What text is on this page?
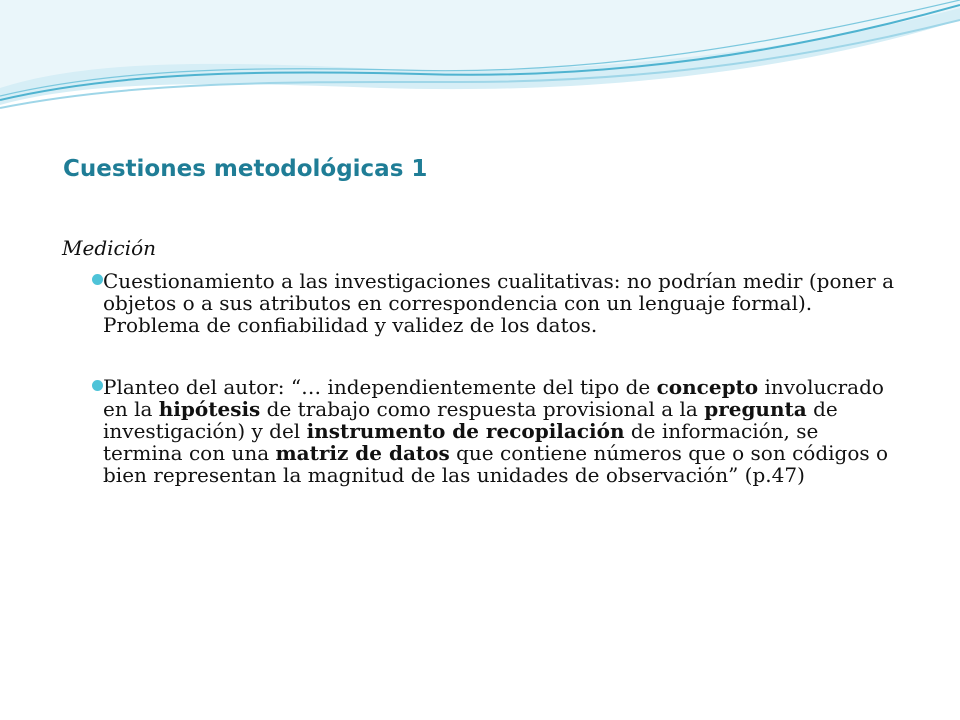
Cuestiones metodológicas 1

Medición

Cuestionamiento a las investigaciones cualitativas: no podrían medir (poner a objetos o a sus atributos en correspondencia con un lenguaje formal). Problema de confiabilidad y validez de los datos.
Planteo del autor: “… independientemente del tipo de concepto involucrado en la hipótesis de trabajo como respuesta provisional a la pregunta de investigación) y del instrumento de recopilación de información, se termina con una matriz de datos que contiene números que o son códigos o bien representan la magnitud de las unidades de observación” (p.47)
